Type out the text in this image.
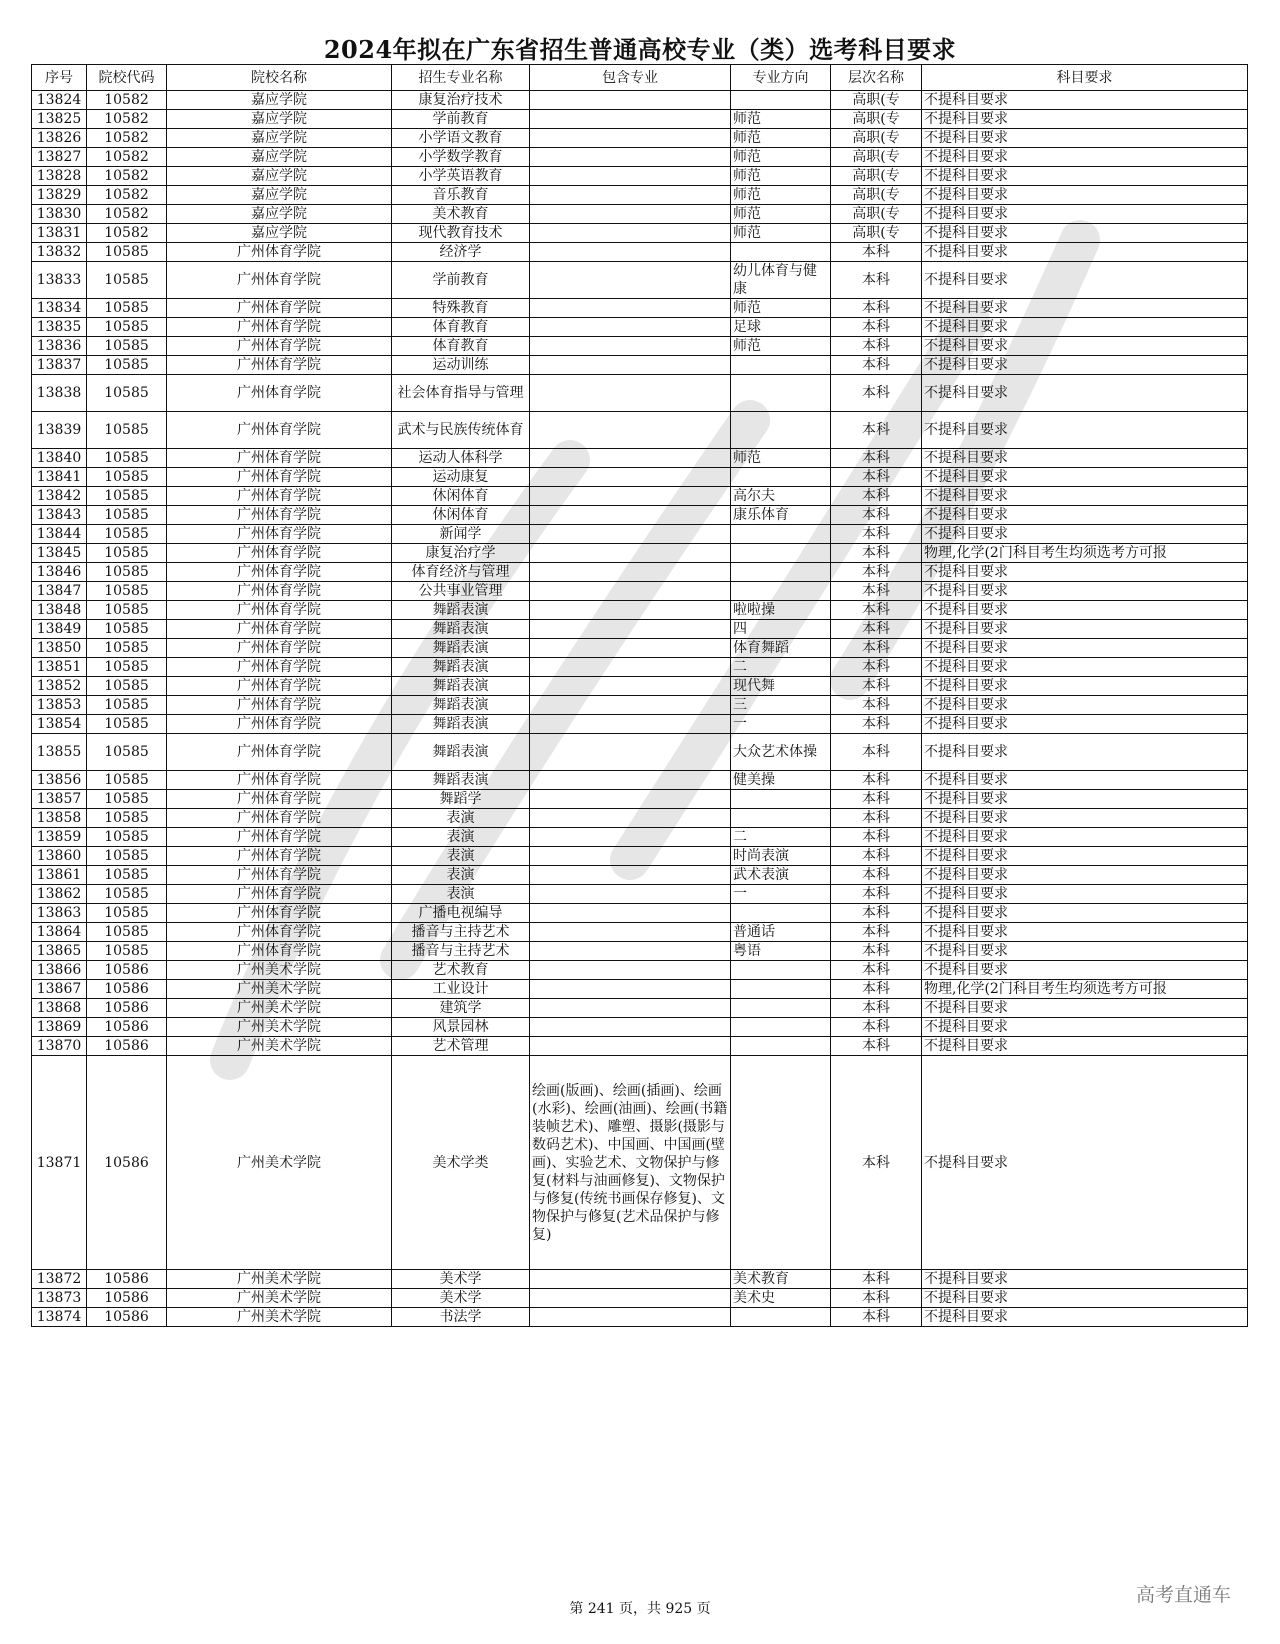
2024年拟在广东省招生普通高校专业（类）选考科目要求
序号	院校代码	院校名称	招生专业名称	包含专业	专业方向	层次名称	科目要求
13824	10582	嘉应学院	康复治疗技术			高职(专	不提科目要求
13825	10582	嘉应学院	学前教育		师范	高职(专	不提科目要求
13826	10582	嘉应学院	小学语文教育		师范	高职(专	不提科目要求
13827	10582	嘉应学院	小学数学教育		师范	高职(专	不提科目要求
13828	10582	嘉应学院	小学英语教育		师范	高职(专	不提科目要求
13829	10582	嘉应学院	音乐教育		师范	高职(专	不提科目要求
13830	10582	嘉应学院	美术教育		师范	高职(专	不提科目要求
13831	10582	嘉应学院	现代教育技术		师范	高职(专	不提科目要求
13832	10585	广州体育学院	经济学			本科	不提科目要求
13833	10585	广州体育学院	学前教育		幼儿体育与健康	本科	不提科目要求
13834	10585	广州体育学院	特殊教育		师范	本科	不提科目要求
13835	10585	广州体育学院	体育教育		足球	本科	不提科目要求
13836	10585	广州体育学院	体育教育		师范	本科	不提科目要求
13837	10585	广州体育学院	运动训练			本科	不提科目要求
13838	10585	广州体育学院	社会体育指导与管理			本科	不提科目要求
13839	10585	广州体育学院	武术与民族传统体育			本科	不提科目要求
13840	10585	广州体育学院	运动人体科学		师范	本科	不提科目要求
13841	10585	广州体育学院	运动康复			本科	不提科目要求
13842	10585	广州体育学院	休闲体育		高尔夫	本科	不提科目要求
13843	10585	广州体育学院	休闲体育		康乐体育	本科	不提科目要求
13844	10585	广州体育学院	新闻学			本科	不提科目要求
13845	10585	广州体育学院	康复治疗学			本科	物理,化学(2门科目考生均须选考方可报
13846	10585	广州体育学院	体育经济与管理			本科	不提科目要求
13847	10585	广州体育学院	公共事业管理			本科	不提科目要求
13848	10585	广州体育学院	舞蹈表演		啦啦操	本科	不提科目要求
13849	10585	广州体育学院	舞蹈表演		四	本科	不提科目要求
13850	10585	广州体育学院	舞蹈表演		体育舞蹈	本科	不提科目要求
13851	10585	广州体育学院	舞蹈表演		二	本科	不提科目要求
13852	10585	广州体育学院	舞蹈表演		现代舞	本科	不提科目要求
13853	10585	广州体育学院	舞蹈表演		三	本科	不提科目要求
13854	10585	广州体育学院	舞蹈表演		一	本科	不提科目要求
13855	10585	广州体育学院	舞蹈表演		大众艺术体操	本科	不提科目要求
13856	10585	广州体育学院	舞蹈表演		健美操	本科	不提科目要求
13857	10585	广州体育学院	舞蹈学			本科	不提科目要求
13858	10585	广州体育学院	表演			本科	不提科目要求
13859	10585	广州体育学院	表演		二	本科	不提科目要求
13860	10585	广州体育学院	表演		时尚表演	本科	不提科目要求
13861	10585	广州体育学院	表演		武术表演	本科	不提科目要求
13862	10585	广州体育学院	表演		一	本科	不提科目要求
13863	10585	广州体育学院	广播电视编导			本科	不提科目要求
13864	10585	广州体育学院	播音与主持艺术		普通话	本科	不提科目要求
13865	10585	广州体育学院	播音与主持艺术		粤语	本科	不提科目要求
13866	10586	广州美术学院	艺术教育			本科	不提科目要求
13867	10586	广州美术学院	工业设计			本科	物理,化学(2门科目考生均须选考方可报
13868	10586	广州美术学院	建筑学			本科	不提科目要求
13869	10586	广州美术学院	风景园林			本科	不提科目要求
13870	10586	广州美术学院	艺术管理			本科	不提科目要求
13871	10586	广州美术学院	美术学类	绘画(版画)、绘画(插画)、绘画(水彩)、绘画(油画)、绘画(书籍装帧艺术)、雕塑、摄影(摄影与数码艺术)、中国画、中国画(壁画)、实验艺术、文物保护与修复(材料与油画修复)、文物保护与修复(传统书画保存修复)、文物保护与修复(艺术品保护与修复)		本科	不提科目要求
13872	10586	广州美术学院	美术学		美术教育	本科	不提科目要求
13873	10586	广州美术学院	美术学		美术史	本科	不提科目要求
13874	10586	广州美术学院	书法学			本科	不提科目要求
第 241 页，共 925 页
高考直通车
